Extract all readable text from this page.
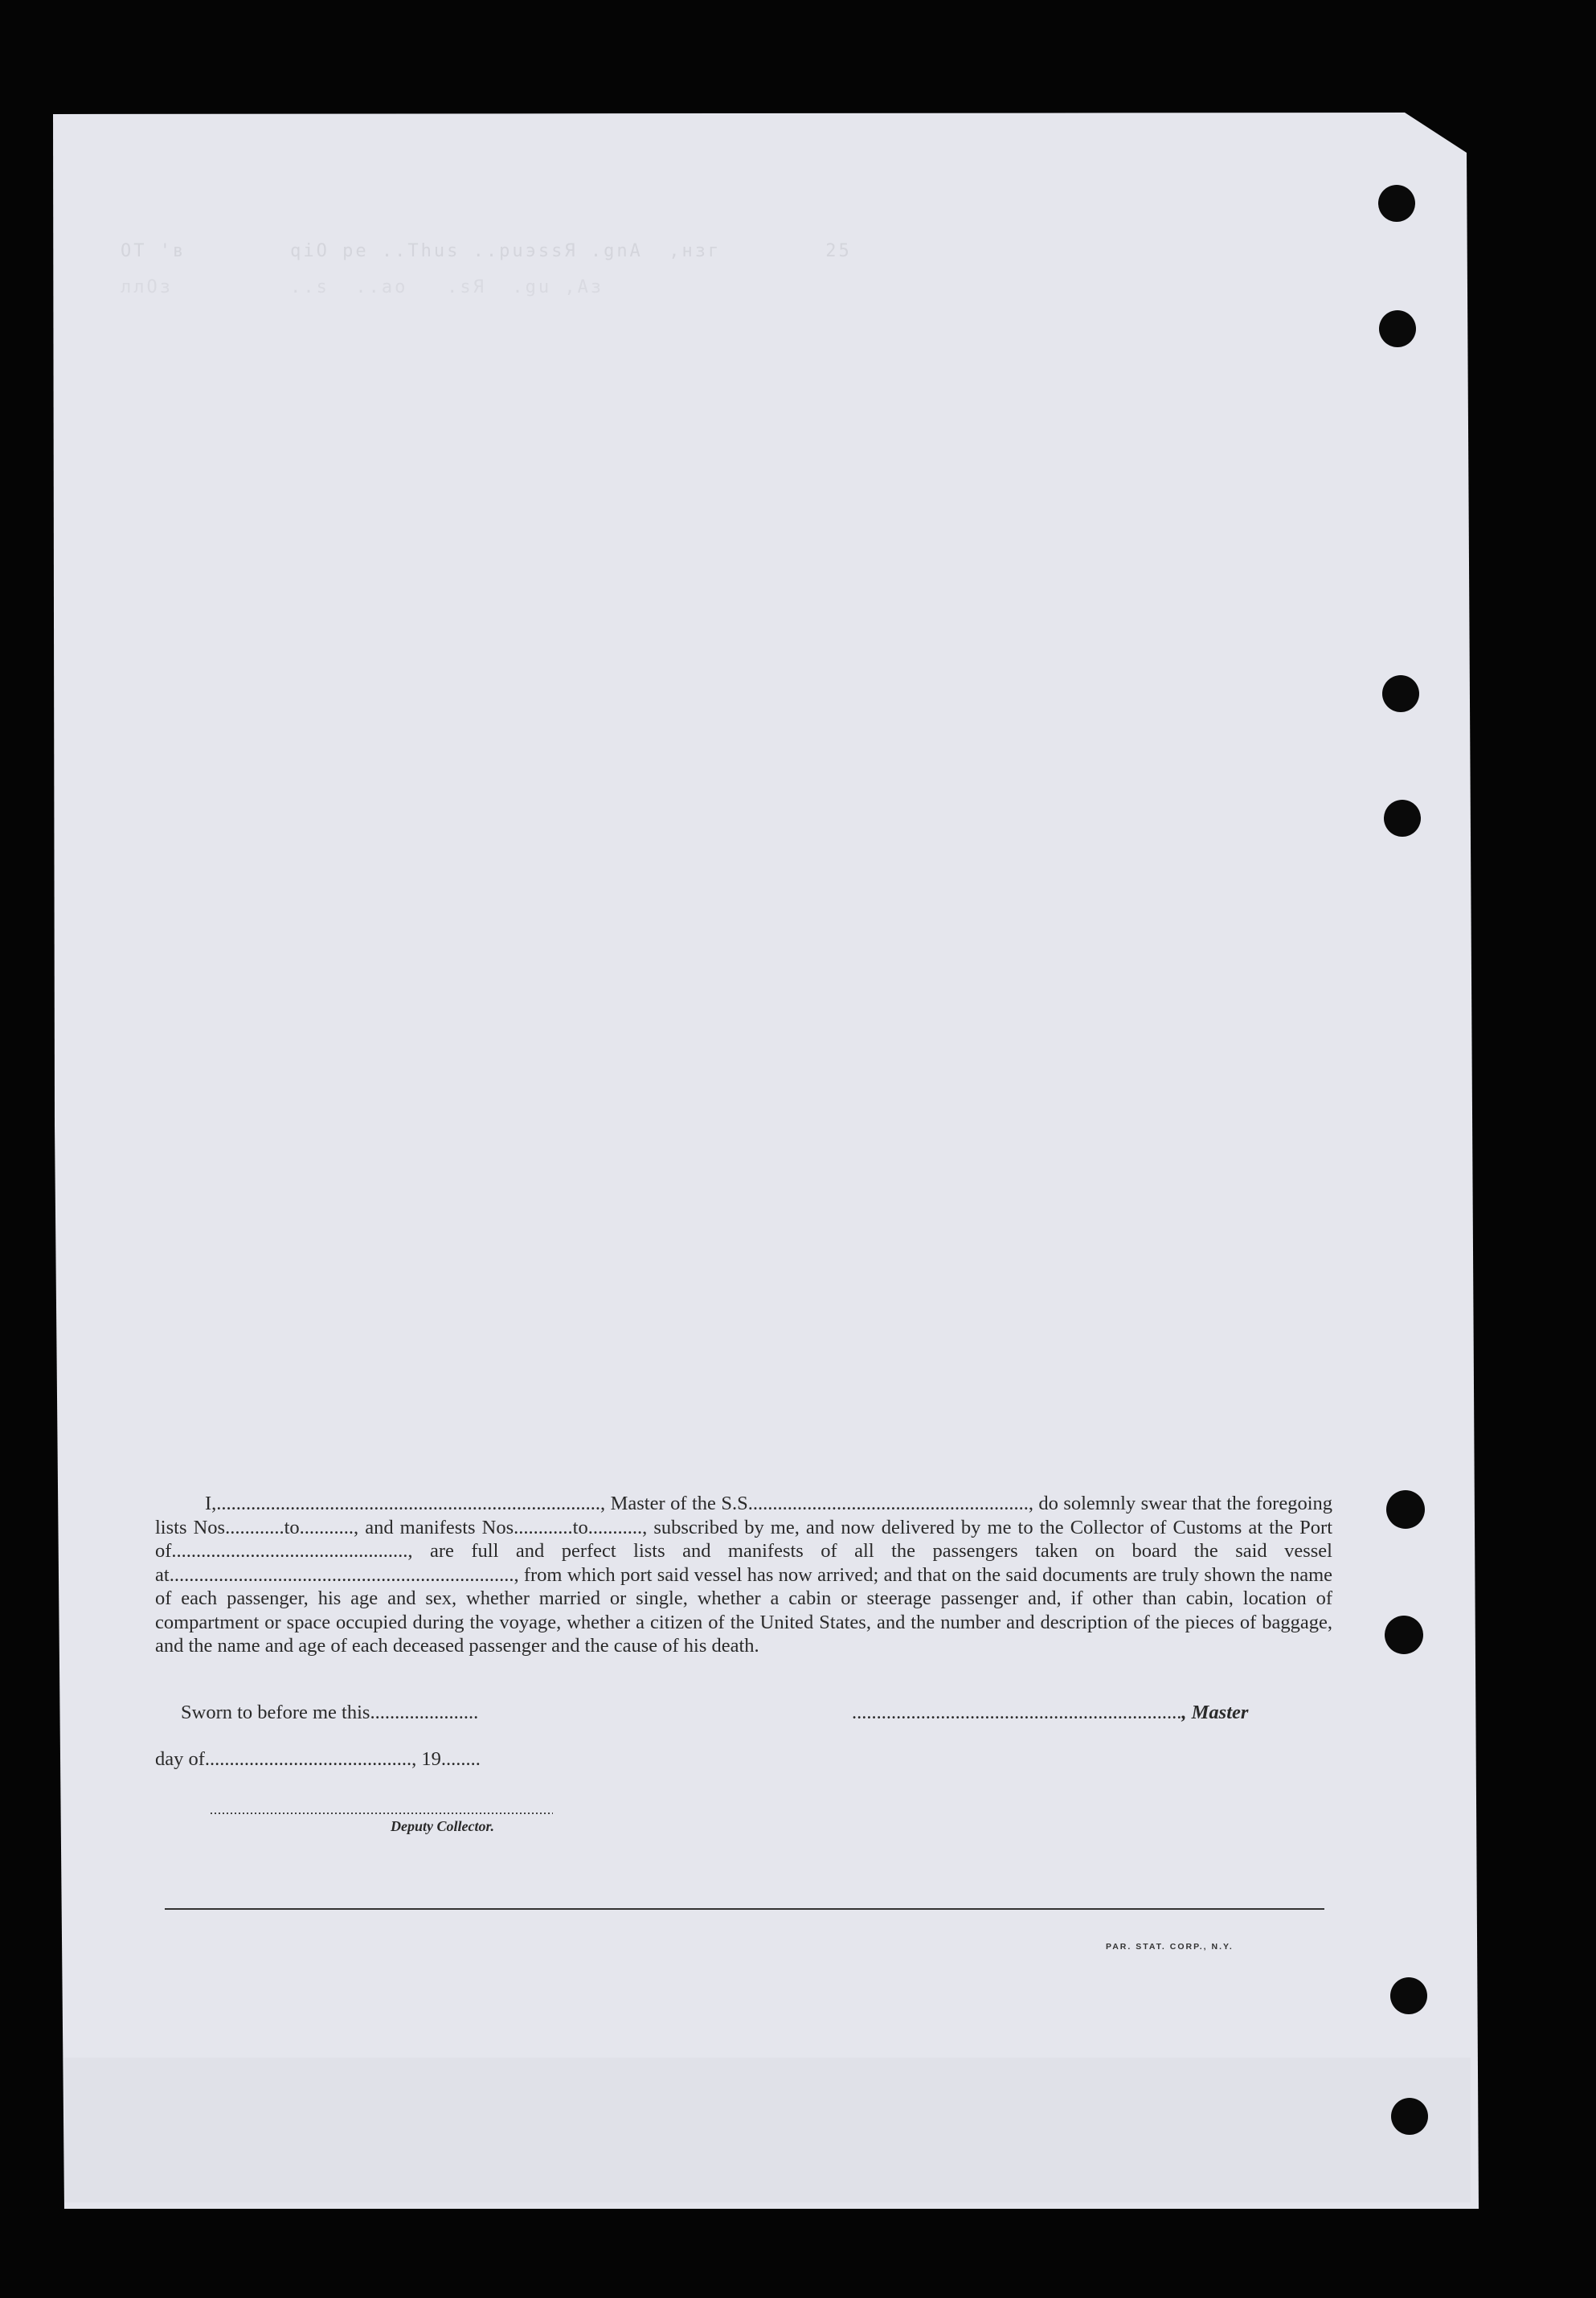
ОТ 'в        qiO pe ..Thus ..рuэssЯ .gnA  ,нзг        25
ллОз         ..s  ..ао   .sЯ  .gu ,Аз

I,.............................................................................., Master of the S.S........................................................., do solemnly swear that the foregoing lists Nos............to..........., and manifests Nos............to..........., subscribed by me, and now delivered by me to the Collector of Customs at the Port of................................................, are full and perfect lists and manifests of all the passengers taken on board the said vessel at......................................................................, from which port said vessel has now arrived; and that on the said documents are truly shown the name of each passenger, his age and sex, whether married or single, whether a cabin or steerage passenger and, if other than cabin, location of compartment or space occupied during the voyage, whether a citizen of the United States, and the number and description of the pieces of baggage, and the name and age of each deceased passenger and the cause of his death.

Sworn to before me this......................	..................................................................., Master
day of.........................................., 19........
Deputy Collector.
PAR. STAT. CORP., N.Y.
